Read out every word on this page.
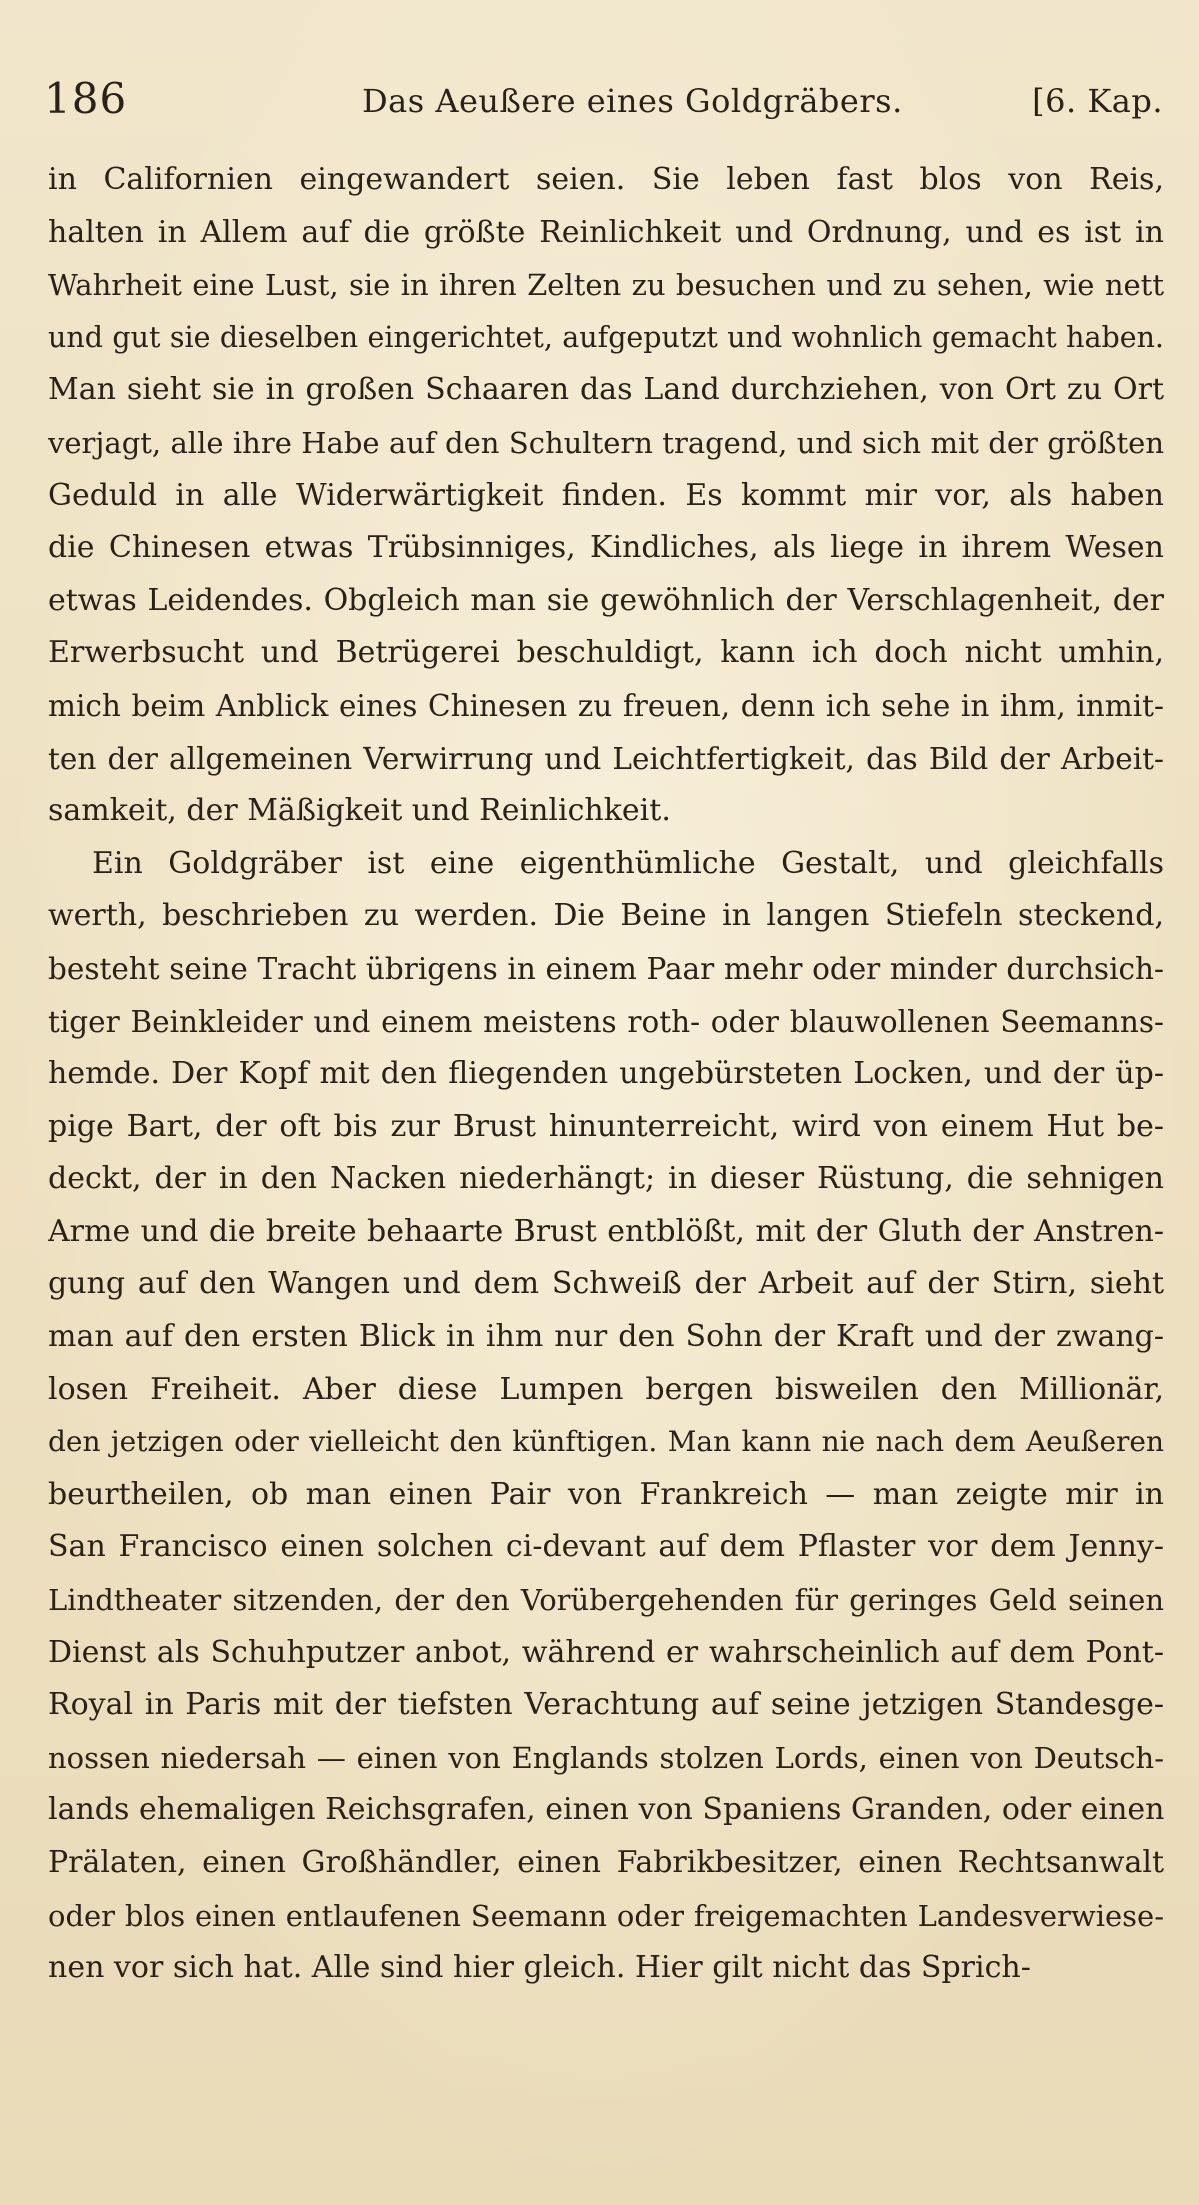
186	Das Aeußere eines Goldgräbers.	[6. Kap.
in Californien eingewandert seien. Sie leben fast blos von Reis,
halten in Allem auf die größte Reinlichkeit und Ordnung, und es ist in
Wahrheit eine Lust, sie in ihren Zelten zu besuchen und zu sehen, wie nett
und gut sie dieselben eingerichtet, aufgeputzt und wohnlich gemacht haben.
Man sieht sie in großen Schaaren das Land durchziehen, von Ort zu Ort
verjagt, alle ihre Habe auf den Schultern tragend, und sich mit der größten
Geduld in alle Widerwärtigkeit finden. Es kommt mir vor, als haben
die Chinesen etwas Trübsinniges, Kindliches, als liege in ihrem Wesen
etwas Leidendes. Obgleich man sie gewöhnlich der Verschlagenheit, der
Erwerbsucht und Betrügerei beschuldigt, kann ich doch nicht umhin,
mich beim Anblick eines Chinesen zu freuen, denn ich sehe in ihm, inmit-
ten der allgemeinen Verwirrung und Leichtfertigkeit, das Bild der Arbeit-
samkeit, der Mäßigkeit und Reinlichkeit.
Ein Goldgräber ist eine eigenthümliche Gestalt, und gleichfalls
werth, beschrieben zu werden. Die Beine in langen Stiefeln steckend,
besteht seine Tracht übrigens in einem Paar mehr oder minder durchsich-
tiger Beinkleider und einem meistens roth- oder blauwollenen Seemanns-
hemde. Der Kopf mit den fliegenden ungebürsteten Locken, und der üp-
pige Bart, der oft bis zur Brust hinunterreicht, wird von einem Hut be-
deckt, der in den Nacken niederhängt; in dieser Rüstung, die sehnigen
Arme und die breite behaarte Brust entblößt, mit der Gluth der Anstren-
gung auf den Wangen und dem Schweiß der Arbeit auf der Stirn, sieht
man auf den ersten Blick in ihm nur den Sohn der Kraft und der zwang-
losen Freiheit. Aber diese Lumpen bergen bisweilen den Millionär,
den jetzigen oder vielleicht den künftigen. Man kann nie nach dem Aeußeren
beurtheilen, ob man einen Pair von Frankreich — man zeigte mir in
San Francisco einen solchen ci-devant auf dem Pflaster vor dem Jenny-
Lindtheater sitzenden, der den Vorübergehenden für geringes Geld seinen
Dienst als Schuhputzer anbot, während er wahrscheinlich auf dem Pont-
Royal in Paris mit der tiefsten Verachtung auf seine jetzigen Standesge-
nossen niedersah — einen von Englands stolzen Lords, einen von Deutsch-
lands ehemaligen Reichsgrafen, einen von Spaniens Granden, oder einen
Prälaten, einen Großhändler, einen Fabrikbesitzer, einen Rechtsanwalt
oder blos einen entlaufenen Seemann oder freigemachten Landesverwiese-
nen vor sich hat. Alle sind hier gleich. Hier gilt nicht das Sprich-
